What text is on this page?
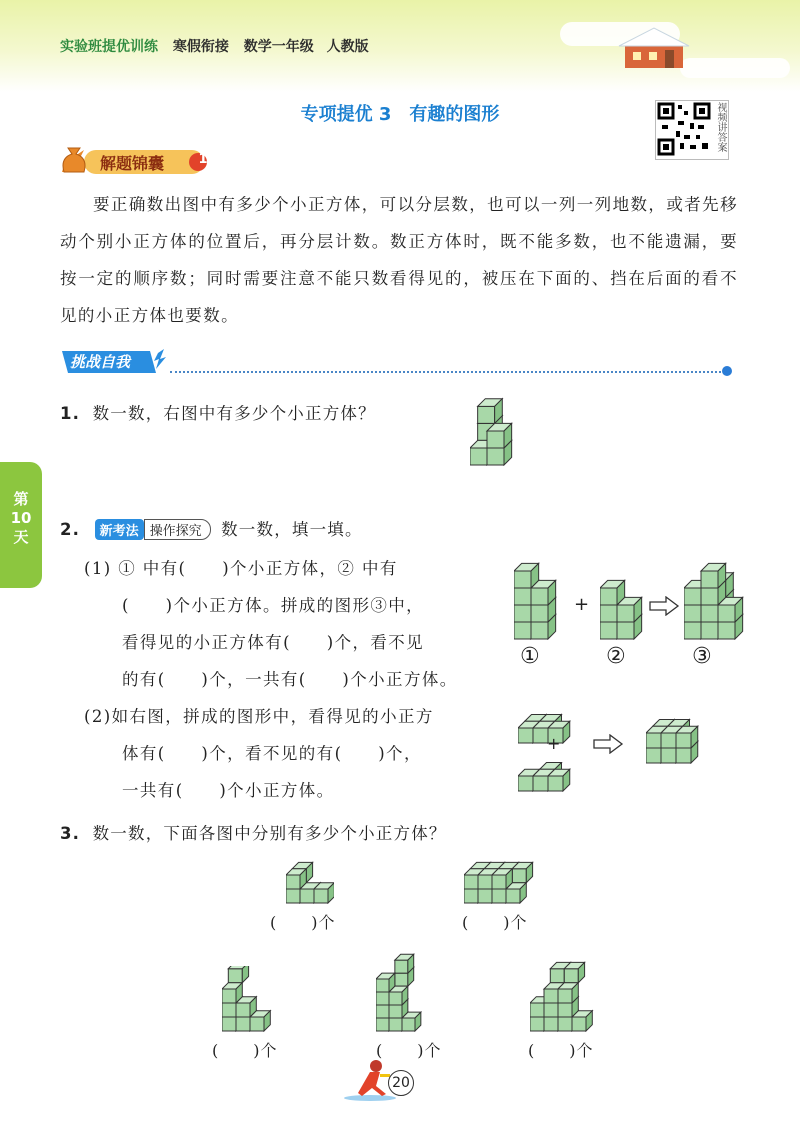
实验班提优训练 寒假衔接 数学一年级 人教版
专项提优 3　有趣的图形	视频讲答案
解题锦囊	1
要正确数出图中有多少个小正方体，可以分层数，也可以一列一列地数，或者先移动个别小正方体的位置后，再分层计数。数正方体时，既不能多数，也不能遗漏，要按一定的顺序数；同时需要注意不能只数看得见的，被压在下面的、挡在后面的看不见的小正方体也要数。
挑战自我
第
10
天
1. 数一数，右图中有多少个小正方体？
2. 新考法 操作探究 数一数，填一填。
(1) ① 中有(　　)个小正方体，② 中有
(　　)个小正方体。拼成的图形③中，
看得见的小正方体有(　　)个，看不见
的有(　　)个，一共有(　　)个小正方体。
(2)如右图，拼成的图形中，看得见的小正方
体有(　　)个，看不见的有(　　)个，
一共有(　　)个小正方体。
+
①	②	③
+
3. 数一数，下面各图中分别有多少个小正方体？
(　　)个	(　　)个
(　　)个	(　　)个	(　　)个
20
